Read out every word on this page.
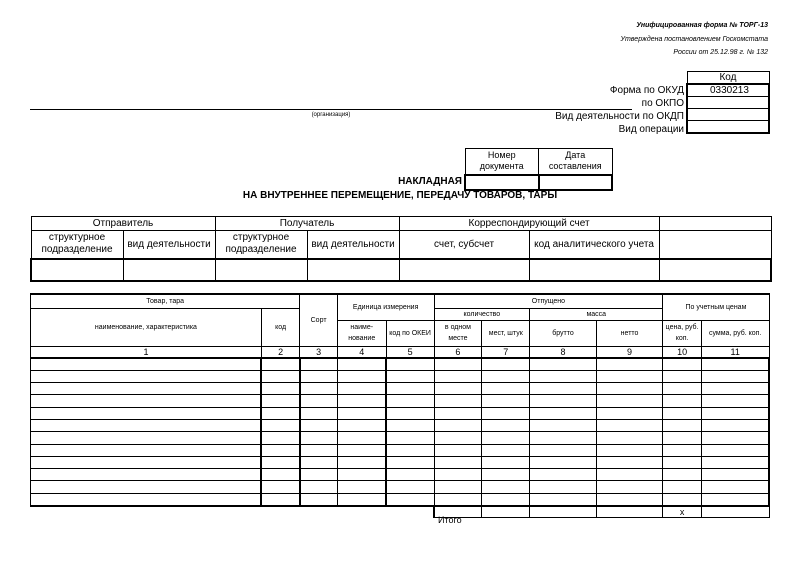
Унифицированная форма № ТОРГ-13
Утверждена постановлением Госкомстата
России от 25.12.98 г. № 132
Код
0330213

Форма по ОКУД
по ОКПО
Вид деятельности по ОКДП
Вид операции
(организация)
Номер документа	Дата составления

НАКЛАДНАЯ
НА ВНУТРЕННЕЕ ПЕРЕМЕЩЕНИЕ, ПЕРЕДАЧУ ТОВАРОВ, ТАРЫ
Отправитель		Получатель		Корреспондирующий счет		
структурное подразделение	вид деятельности	структурное подразделение	вид деятельности	счет, субсчет	код аналитического учета	

Товар, тара		Сорт	Единица измерения		Отпущено				По учетным ценам	
наименование, характеристика	код				количество		масса			
			наиме-нование	код по ОКЕИ	в одном месте	мест, штук	брутто	нетто	цена, руб. коп.	сумма, руб. коп.
1	2	3	4	5	6	7	8	9	10	11

									х	
Итого
